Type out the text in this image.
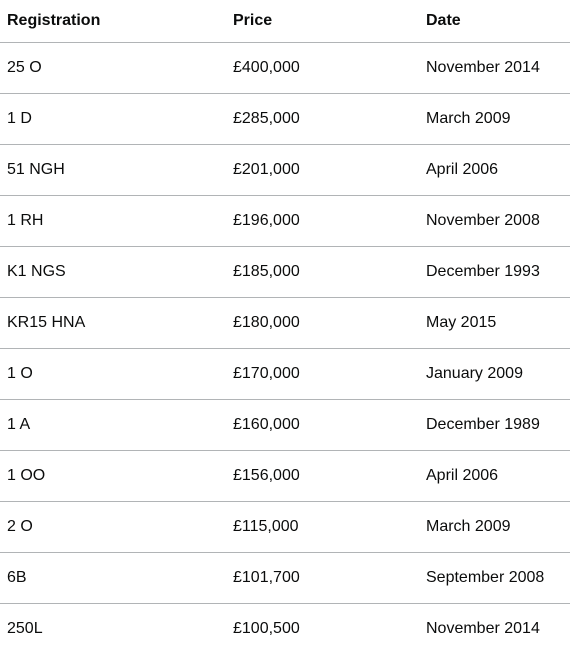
Registration	Price	Date
25 O	£400,000	November 2014
1 D	£285,000	March 2009
51 NGH	£201,000	April 2006
1 RH	£196,000	November 2008
K1 NGS	£185,000	December 1993
KR15 HNA	£180,000	May 2015
1 O	£170,000	January 2009
1 A	£160,000	December 1989
1 OO	£156,000	April 2006
2 O	£115,000	March 2009
6B	£101,700	September 2008
250L	£100,500	November 2014
